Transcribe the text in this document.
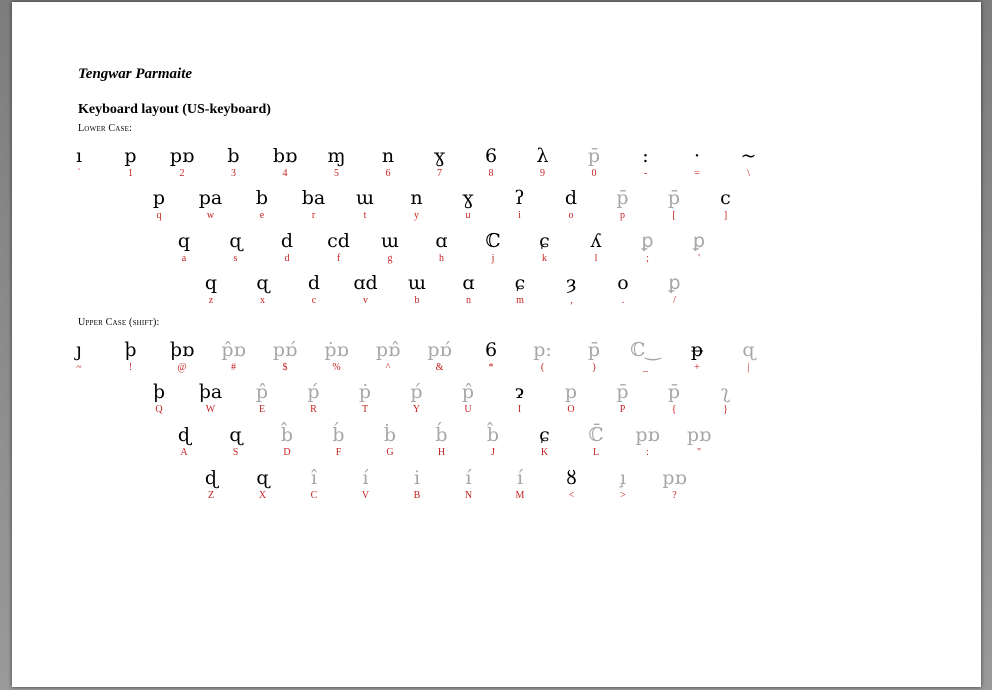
Tengwar Parmaite
Keyboard layout (US-keyboard)
Lower Case:
Upper Case (shift):
ı
`
p
1
pɒ
2
b
3
bɒ
4
ɱ
5
n
6
ɣ
7
6
8
λ
9
p̄
0
:
-
·
=
~
\
p
q
pa
w
b
e
ba
r
ɯ
t
n
y
ɣ
u
ʔ
i
d
o
p̄
p
p̄
[
c
]
q
a
ɋ
s
d
d
cd
f
ɯ
g
ɑ
h
ℂ
j
ɕ
k
ʎ
l
ꝑ
;
ꝑ
'
q
z
ɋ
x
d
c
ɑd
v
ɯ
b
ɑ
n
ɕ
m
ȝ
,
o
.
ꝑ
/
ȷ
~
ϸ
!
ϸɒ
@
p̂ɒ
#
pɒ́
$
ṗɒ
%
pɒ̂
^
pɒ́
&
6
*
p:
(
p̄
)
ℂ‿
_
ᵽ
+
ɋ
|
ϸ
Q
ϸa
W
p̂
E
ṕ
R
ṗ
T
ṕ
Y
p̂
U
ɂ
I
p
O
p̄
P
p̄
{
ʅ
}
ɖ
A
ɋ
S
b̂
D
b́
F
ḃ
G
b́
H
b̂
J
ɕ
K
ℂ̄
L
pɒ
:
pɒ
"
ɖ
Z
ɋ
X
î
C
í
V
i
B
í
N
í
M
ȣ
<
ı̧
>
pɒ
?
